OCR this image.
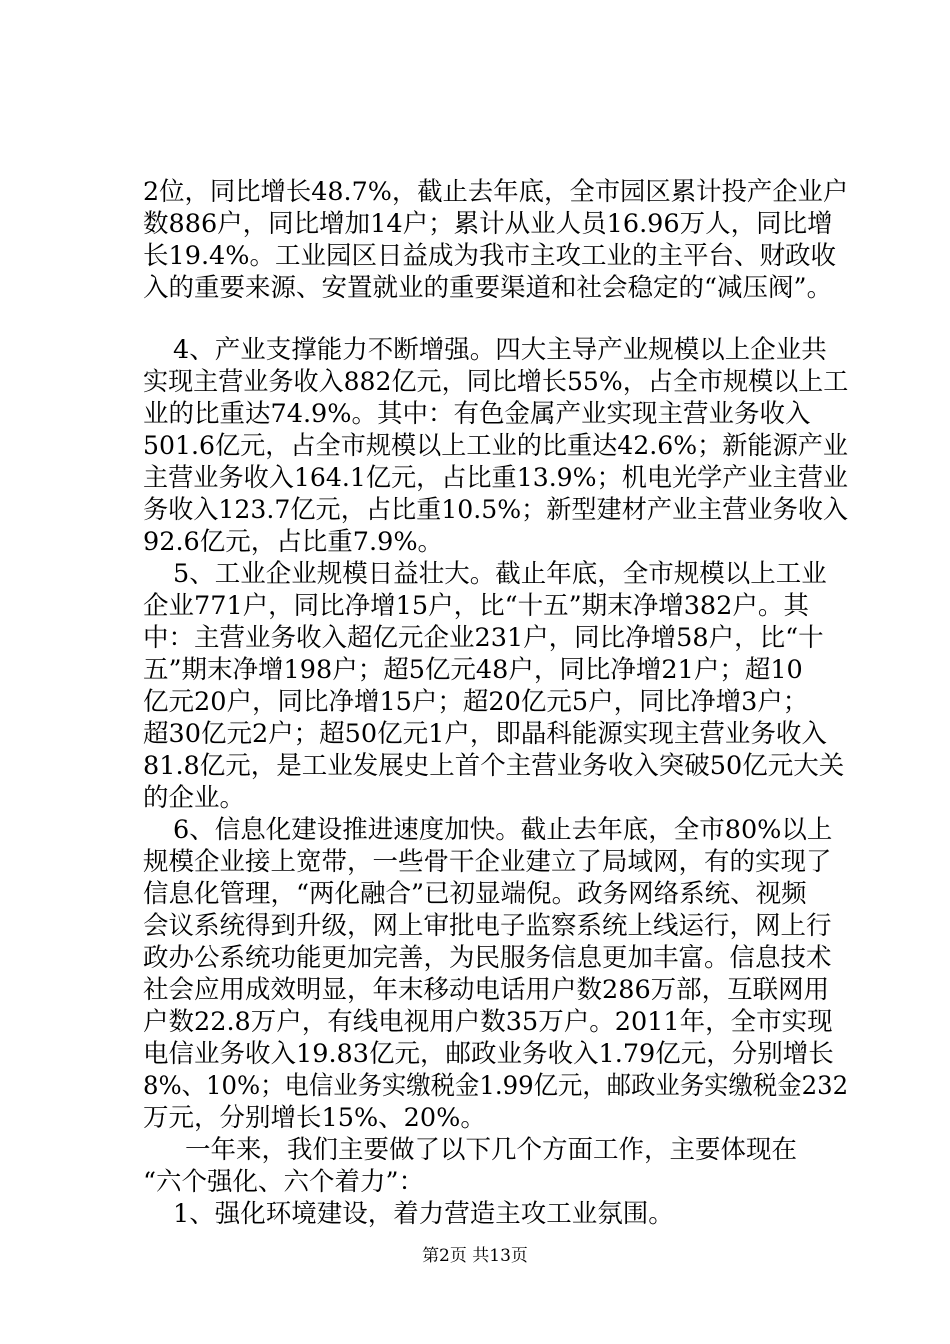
2位，同比增长48.7%，截止去年底，全市园区累计投产企业户
数886户，同比增加14户；累计从业人员16.96万人，同比增
长19.4%。工业园区日益成为我市主攻工业的主平台、财政收
入的重要来源、安置就业的重要渠道和社会稳定的“减压阀”。
4、产业支撑能力不断增强。四大主导产业规模以上企业共
实现主营业务收入882亿元，同比增长55%，占全市规模以上工
业的比重达74.9%。其中：有色金属产业实现主营业务收入
501.6亿元，占全市规模以上工业的比重达42.6%；新能源产业
主营业务收入164.1亿元，占比重13.9%；机电光学产业主营业
务收入123.7亿元，占比重10.5%；新型建材产业主营业务收入
92.6亿元，占比重7.9%。
5、工业企业规模日益壮大。截止年底，全市规模以上工业
企业771户，同比净增15户，比“十五”期末净增382户。其
中：主营业务收入超亿元企业231户，同比净增58户，比“十
五”期末净增198户；超5亿元48户，同比净增21户；超10
亿元20户，同比净增15户；超20亿元5户，同比净增3户；
超30亿元2户；超50亿元1户，即晶科能源实现主营业务收入
81.8亿元，是工业发展史上首个主营业务收入突破50亿元大关
的企业。
6、信息化建设推进速度加快。截止去年底，全市80%以上
规模企业接上宽带，一些骨干企业建立了局域网，有的实现了
信息化管理，“两化融合”已初显端倪。政务网络系统、视频
会议系统得到升级，网上审批电子监察系统上线运行，网上行
政办公系统功能更加完善，为民服务信息更加丰富。信息技术
社会应用成效明显，年末移动电话用户数286万部，互联网用
户数22.8万户，有线电视用户数35万户。2011年，全市实现
电信业务收入19.83亿元，邮政业务收入1.79亿元，分别增长
8%、10%；电信业务实缴税金1.99亿元，邮政业务实缴税金232
万元，分别增长15%、20%。
一年来，我们主要做了以下几个方面工作，主要体现在
“六个强化、六个着力”：
1、强化环境建设，着力营造主攻工业氛围。
第2页 共13页
